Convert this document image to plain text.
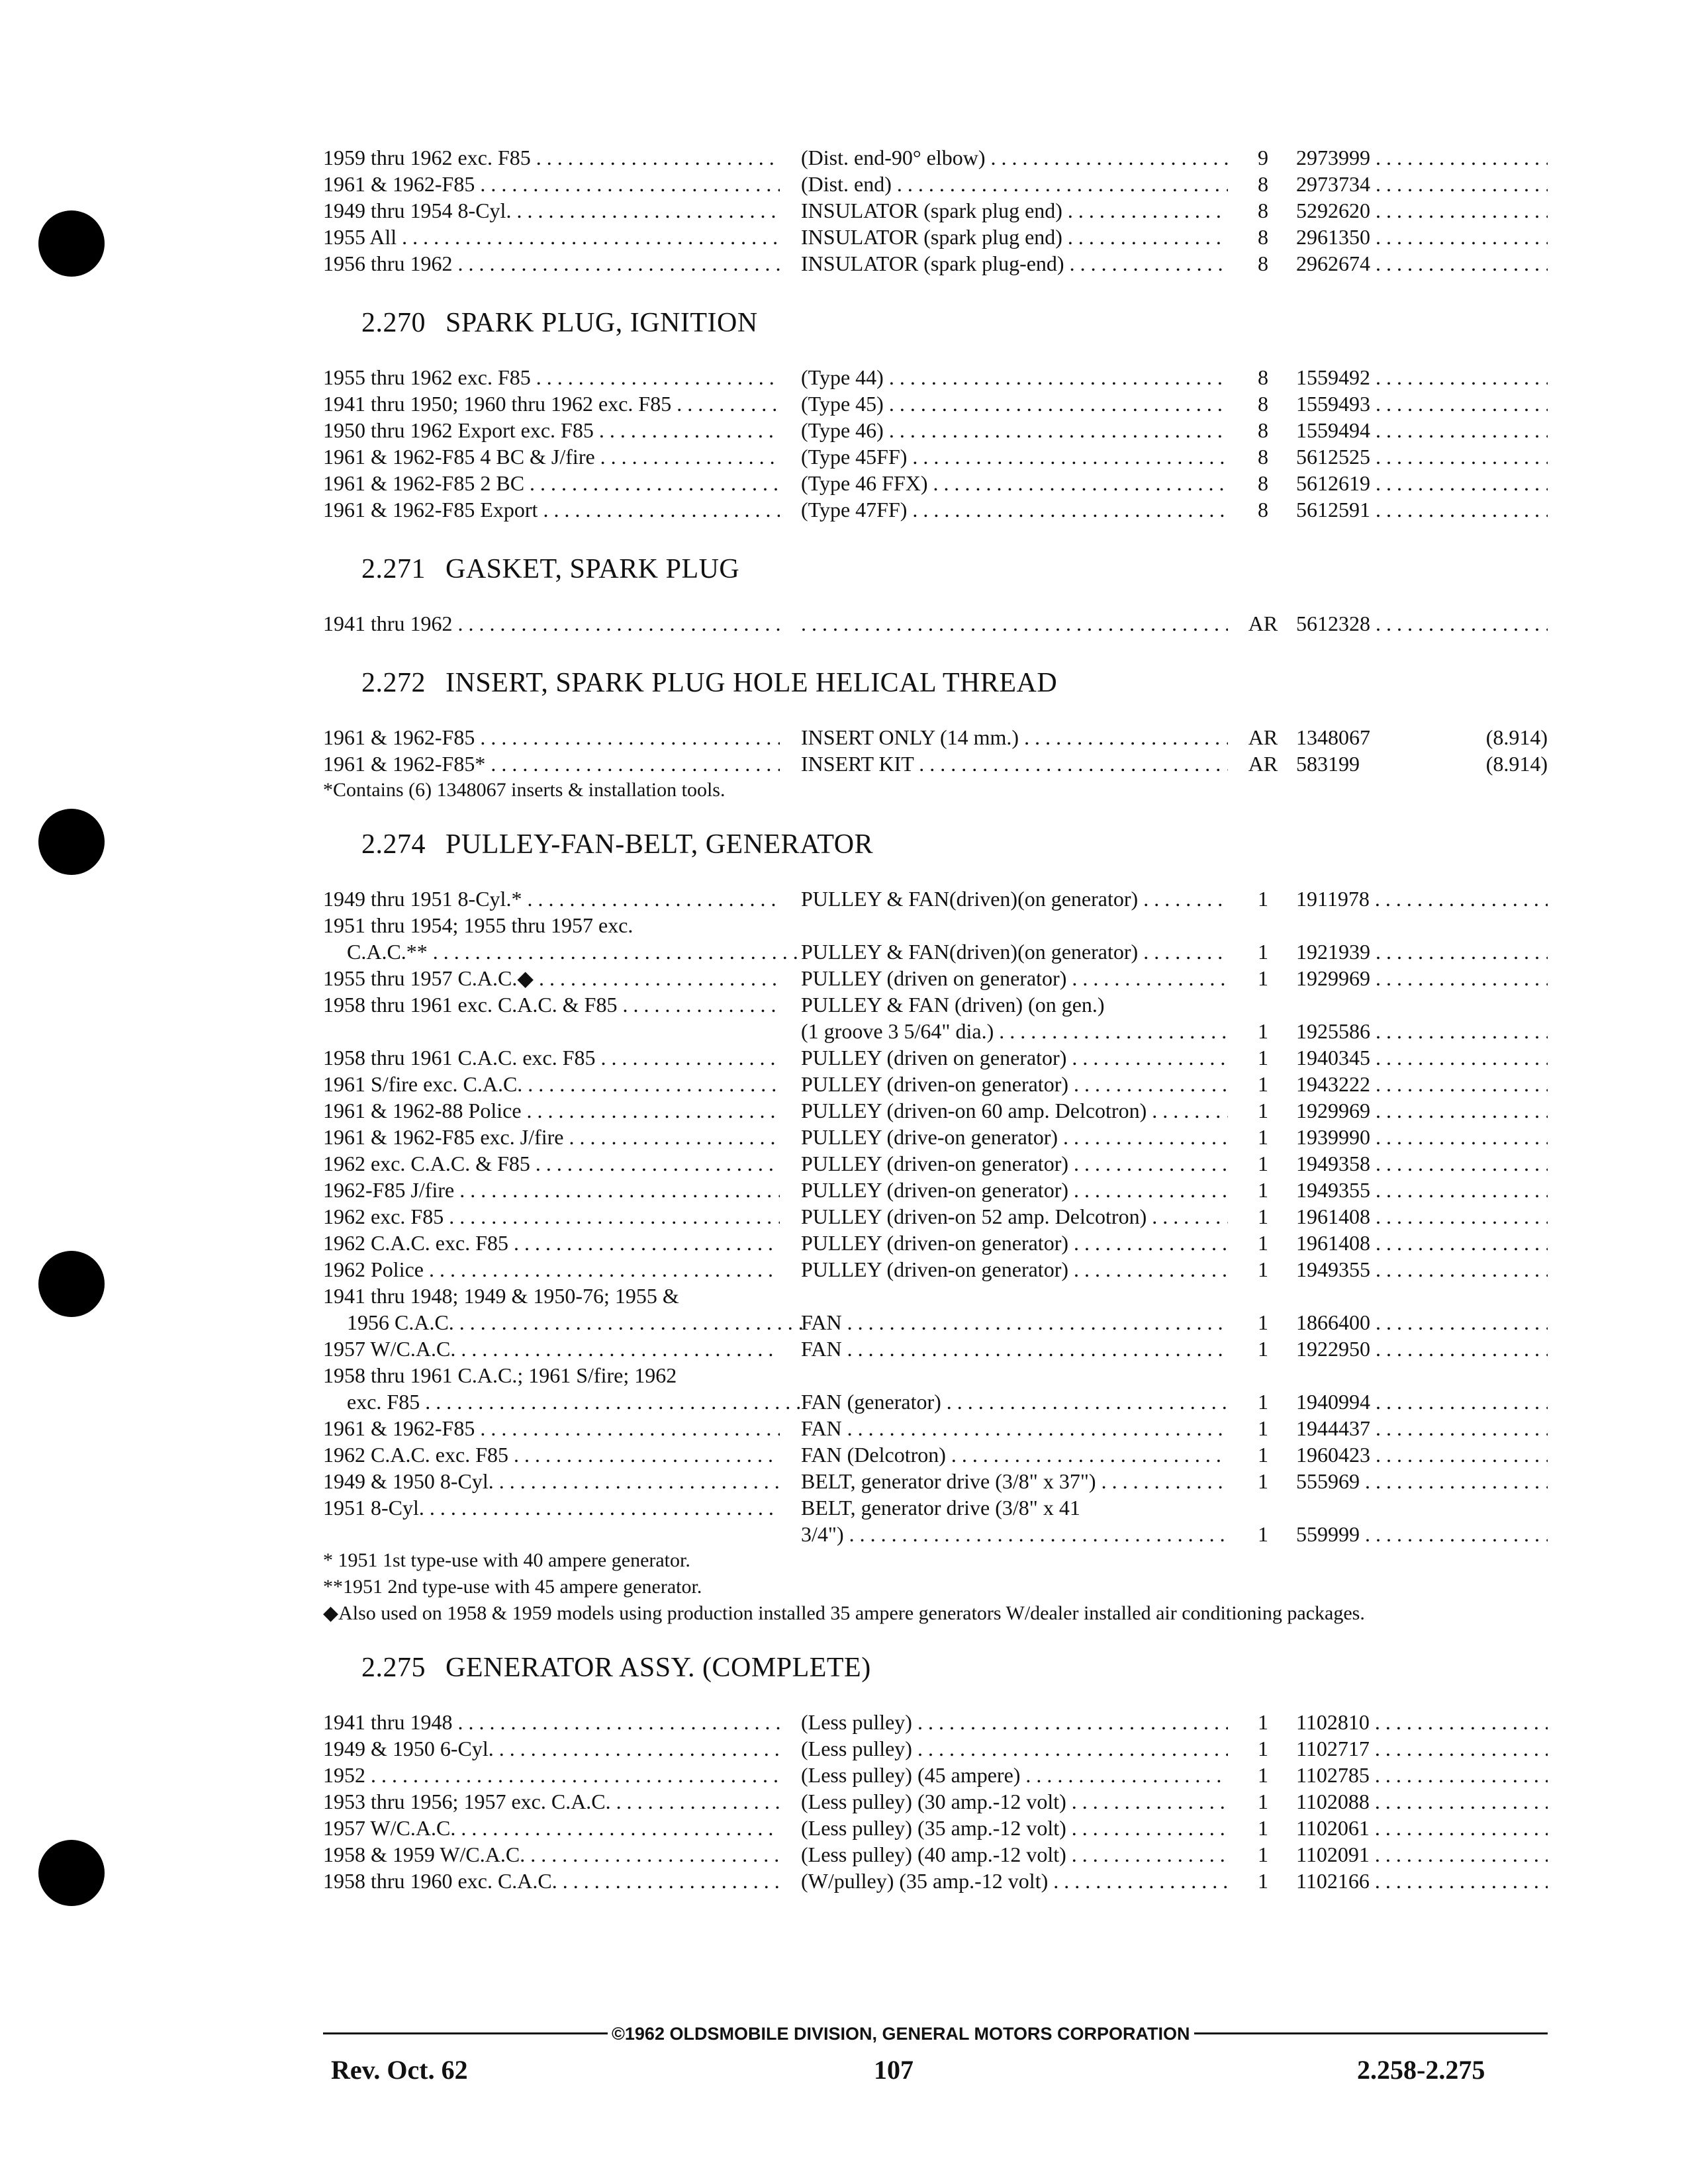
1959 thru 1962 exc. F85 . . .	(Dist. end-90° elbow) . . .	9	2973999 . . .
1961 & 1962-F85 . . .	(Dist. end) . . .	8	2973734 . . .
1949 thru 1954 8-Cyl. . . .	INSULATOR (spark plug end) . . .	8	5292620 . . .
1955 All . . .	INSULATOR (spark plug end) . . .	8	2961350 . . .
1956 thru 1962 . . .	INSULATOR (spark plug-end) . . .	8	2962674 . . .
2.270 SPARK PLUG, IGNITION
1955 thru 1962 exc. F85 . . .	(Type 44) . . .	8	1559492 . . .
1941 thru 1950; 1960 thru 1962 exc. F85 . . .	(Type 45) . . .	8	1559493 . . .
1950 thru 1962 Export exc. F85 . . .	(Type 46) . . .	8	1559494 . . .
1961 & 1962-F85 4 BC & J/fire . . .	(Type 45FF) . . .	8	5612525 . . .
1961 & 1962-F85 2 BC . . .	(Type 46 FFX) . . .	8	5612619 . . .
1961 & 1962-F85 Export . . .	(Type 47FF) . . .	8	5612591 . . .
2.271 GASKET, SPARK PLUG
1941 thru 1962 . . .
. . .	AR 5612328 . . .
2.272 INSERT, SPARK PLUG HOLE HELICAL THREAD
1961 & 1962-F85 . . .	INSERT ONLY (14 mm.) . . .	AR 1348067	(8.914)
1961 & 1962-F85* . . .	INSERT KIT . . .	AR 583199	(8.914)
*Contains (6) 1348067 inserts & installation tools.
2.274 PULLEY-FAN-BELT, GENERATOR
1949 thru 1951 8-Cyl.* . . .	PULLEY & FAN(driven)(on generator) . . .	1	1911978 . . .
1951 thru 1954; 1955 thru 1957 exc.
C.A.C.** . . .	PULLEY & FAN(driven)(on generator) . . .	1	1921939 . . .
1955 thru 1957 C.A.C.◆ . . .	PULLEY (driven on generator) . . .	1	1929969 . . .
1958 thru 1961 exc. C.A.C. & F85 . . .	PULLEY & FAN (driven) (on gen.)
(1 groove 3 5/64" dia.) . . .	1	1925586 . . .
1958 thru 1961 C.A.C. exc. F85 . . .	PULLEY (driven on generator) . . .	1	1940345 . . .
1961 S/fire exc. C.A.C. . . .	PULLEY (driven-on generator) . . .	1	1943222 . . .
1961 & 1962-88 Police . . .	PULLEY (driven-on 60 amp. Delcotron) . . .	1	1929969 . . .
1961 & 1962-F85 exc. J/fire . . .	PULLEY (drive-on generator) . . .	1	1939990 . . .
1962 exc. C.A.C. & F85 . . .	PULLEY (driven-on generator) . . .	1	1949358 . . .
1962-F85 J/fire . . .	PULLEY (driven-on generator) . . .	1	1949355 . . .
1962 exc. F85 . . .	PULLEY (driven-on 52 amp. Delcotron) . . .	1	1961408 . . .
1962 C.A.C. exc. F85 . . .	PULLEY (driven-on generator) . . .	1	1961408 . . .
1962 Police . . .	PULLEY (driven-on generator) . . .	1	1949355 . . .
1941 thru 1948; 1949 & 1950-76; 1955 &
1956 C.A.C. . . .	FAN . . .	1	1866400 . . .
1957 W/C.A.C. . . .	FAN . . .	1	1922950 . . .
1958 thru 1961 C.A.C.; 1961 S/fire; 1962
exc. F85 . . .	FAN (generator) . . .	1	1940994 . . .
1961 & 1962-F85 . . .	FAN . . .	1	1944437 . . .
1962 C.A.C. exc. F85 . . .	FAN (Delcotron) . . .	1	1960423 . . .
1949 & 1950 8-Cyl. . . .	BELT, generator drive (3/8" x 37") . . .	1	555969 . . .
1951 8-Cyl. . . .	BELT, generator drive (3/8" x 41
3/4") . . .	1	559999 . . .
* 1951 1st type-use with 40 ampere generator.
**1951 2nd type-use with 45 ampere generator.
◆Also used on 1958 & 1959 models using production installed 35 ampere generators W/dealer installed air conditioning packages.
2.275 GENERATOR ASSY. (COMPLETE)
1941 thru 1948 . . .	(Less pulley) . . .	1	1102810 . . .
1949 & 1950 6-Cyl. . . .	(Less pulley) . . .	1	1102717 . . .
1952 . . .	(Less pulley) (45 ampere) . . .	1	1102785 . . .
1953 thru 1956; 1957 exc. C.A.C. . . .	(Less pulley) (30 amp.-12 volt) . . .	1	1102088 . . .
1957 W/C.A.C. . . .	(Less pulley) (35 amp.-12 volt) . . .	1	1102061 . . .
1958 & 1959 W/C.A.C. . . .	(Less pulley) (40 amp.-12 volt) . . .	1	1102091 . . .
1958 thru 1960 exc. C.A.C. . . .	(W/pulley) (35 amp.-12 volt) . . .	1	1102166 . . .
©1962 OLDSMOBILE DIVISION, GENERAL MOTORS CORPORATION
Rev. Oct. 62	107	2.258-2.275
